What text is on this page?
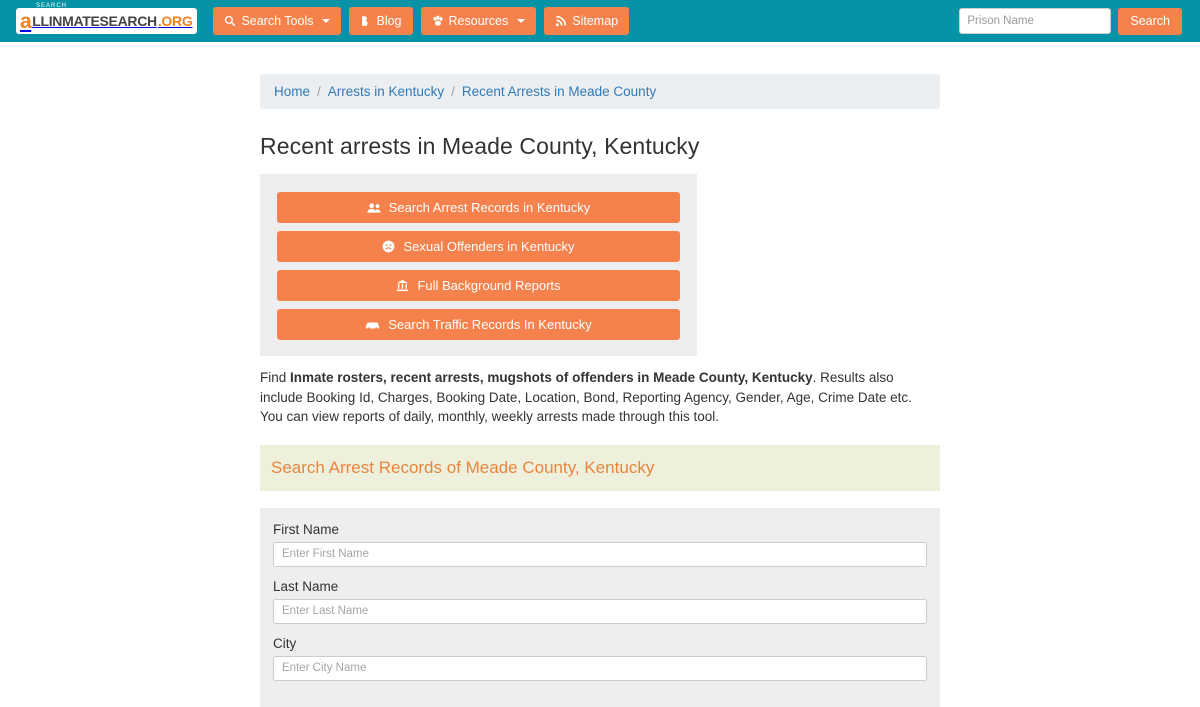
a LLINMATESEARCH .ORG
SEARCH
Search Tools	Blog	Resources	Sitemap
Prison Name	Search
Home / Arrests in Kentucky / Recent Arrests in Meade County
Recent arrests in Meade County, Kentucky
Search Arrest Records in Kentucky
Sexual Offenders in Kentucky
Full Background Reports
Search Traffic Records In Kentucky

Find Inmate rosters, recent arrests, mugshots of offenders in Meade County, Kentucky. Results also include Booking Id, Charges, Booking Date, Location, Bond, Reporting Agency, Gender, Age, Crime Date etc. You can view reports of daily, monthly, weekly arrests made through this tool.

Search Arrest Records of Meade County, Kentucky
First Name
Enter First Name
Last Name
Enter Last Name
City
Enter City Name
